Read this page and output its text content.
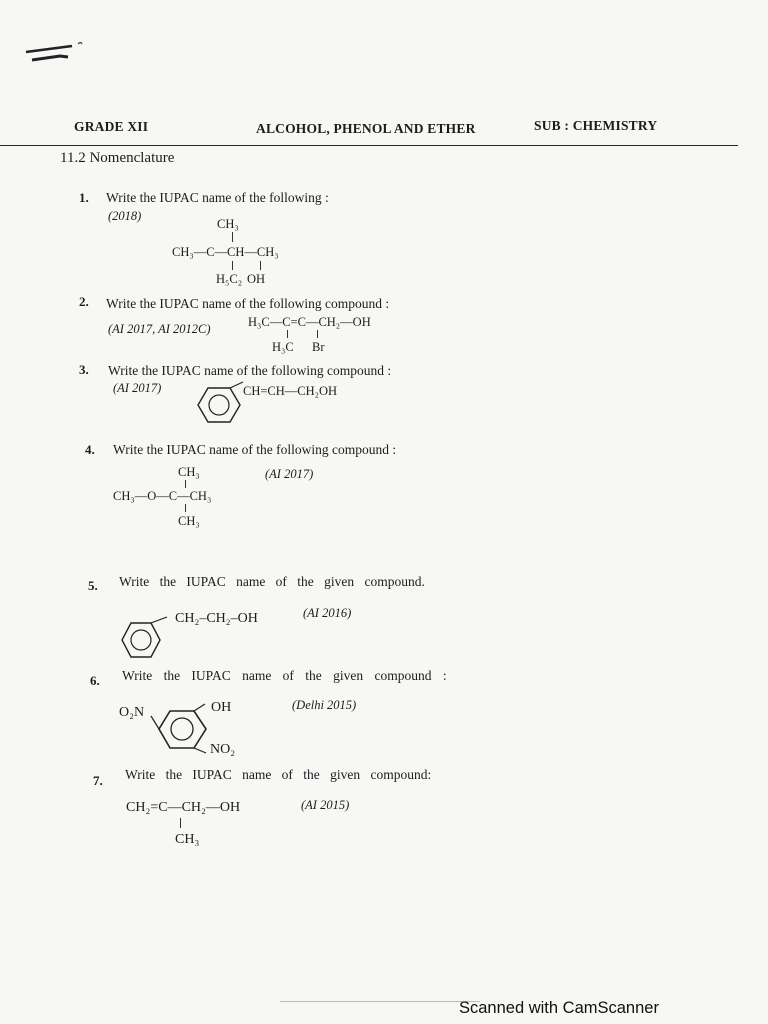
GRADE XII	ALCOHOL, PHENOL AND ETHER	SUB : CHEMISTRY
11.2 Nomenclature
1. Write the IUPAC name of the following :
(2018)
CH₃
CH₃—C—CH—CH₃
H₅C₂ OH
2. Write the IUPAC name of the following compound :
(AI 2017, AI 2012C)	H₃C—C=C—CH₂—OH
H₃C Br
3. Write the IUPAC name of the following compound :
(AI 2017)	CH=CH—CH₂OH
4. Write the IUPAC name of the following compound :
CH₃	(AI 2017)
CH₃—O—C—CH₃
CH₃
5. Write the IUPAC name of the given compound.
CH₂–CH₂–OH	(AI 2016)
6. Write the IUPAC name of the given compound :
O₂N	OH
NO₂
(Delhi 2015)
7. Write the IUPAC name of the given compound:
CH₂=C—CH₂—OH
CH₃
(AI 2015)
Scanned with CamScanner
